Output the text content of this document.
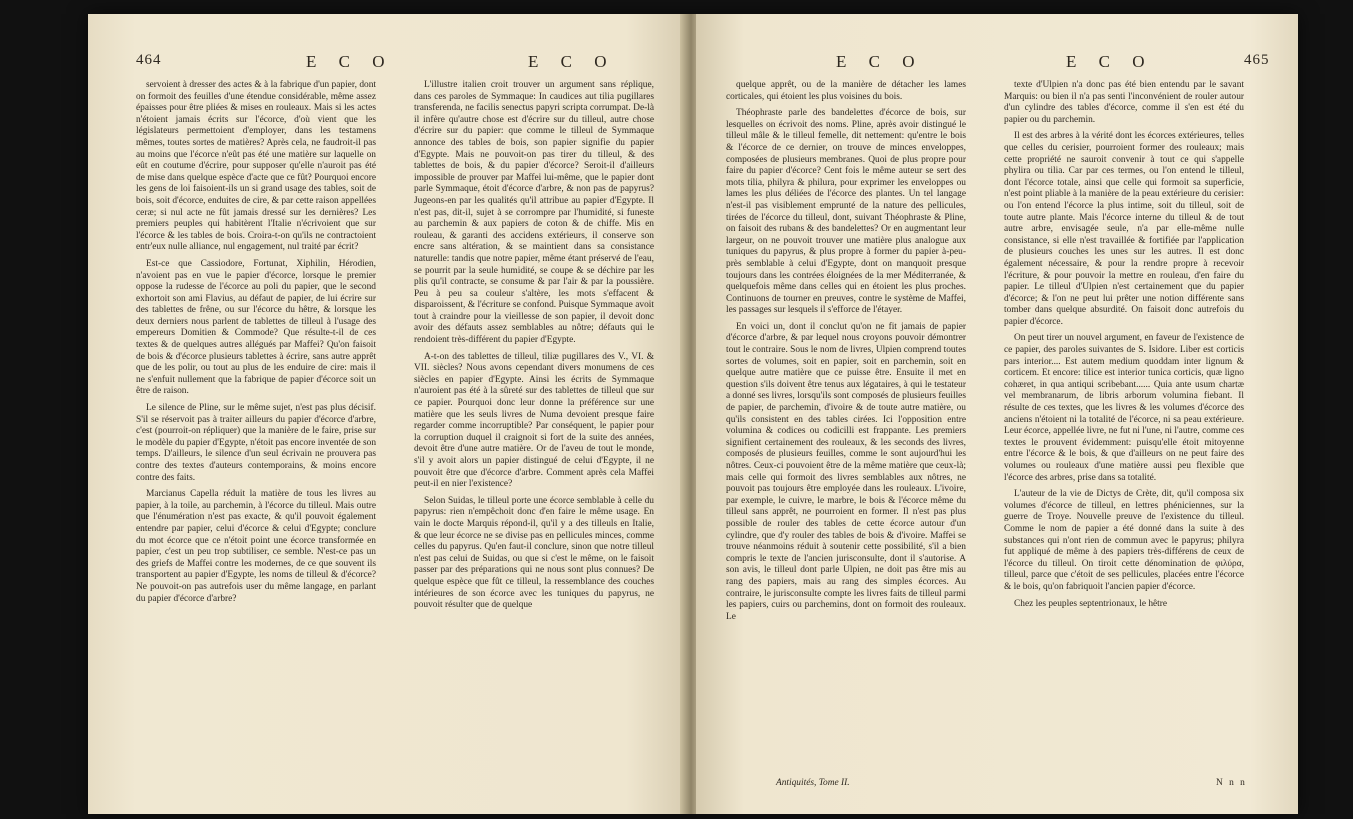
464	E C O	E C O

servoient à dresser des actes & à la fabrique d'un papier, dont on formoit des feuilles d'une étendue considérable, même assez épaisses pour être pliées & mises en rouleaux. Mais si les actes n'étoient jamais écrits sur l'écorce, d'où vient que les législateurs permettoient d'employer, dans les testamens mêmes, toutes sortes de matières? Après cela, ne faudroit-il pas au moins que l'écorce n'eût pas été une matière sur laquelle on eût en coutume d'écrire, pour supposer qu'elle n'auroit pas été de mise dans quelque espèce d'acte que ce fût? Pourquoi encore les gens de loi faisoient-ils un si grand usage des tables, soit de bois, soit d'écorce, enduites de cire, & par cette raison appellées ceræ; si nul acte ne fût jamais dressé sur les dernières? Les premiers peuples qui habitèrent l'Italie n'écrivoient que sur l'écorce & les tables de bois. Croira-t-on qu'ils ne contractoient entr'eux nulle alliance, nul engagement, nul traité par écrit?

Est-ce que Cassiodore, Fortunat, Xiphilin, Hérodien, n'avoient pas en vue le papier d'écorce, lorsque le premier oppose la rudesse de l'écorce au poli du papier, que le second exhortoit son ami Flavius, au défaut de papier, de lui écrire sur des tablettes de frêne, ou sur l'écorce du hêtre, & lorsque les deux derniers nous parlent de tablettes de tilleul à l'usage des empereurs Domitien & Commode? Que résulte-t-il de ces textes & de quelques autres allégués par Maffei? Qu'on faisoit de bois & d'écorce plusieurs tablettes à écrire, sans autre apprêt que de les polir, ou tout au plus de les enduire de cire: mais il ne s'enfuit nullement que la fabrique de papier d'écorce soit un être de raison.

Le silence de Pline, sur le même sujet, n'est pas plus décisif. S'il se réservoit pas à traiter ailleurs du papier d'écorce d'arbre, c'est (pourroit-on répliquer) que la manière de le faire, prise sur le modèle du papier d'Egypte, n'étoit pas encore inventée de son temps. D'ailleurs, le silence d'un seul écrivain ne prouvera pas contre des textes d'auteurs contemporains, & moins encore contre des faits.

Marcianus Capella réduit la matière de tous les livres au papier, à la toile, au parchemin, à l'écorce du tilleul. Mais outre que l'énumération n'est pas exacte, & qu'il pouvoit également entendre par papier, celui d'écorce & celui d'Egypte; conclure du mot écorce que ce n'étoit point une écorce transformée en papier, c'est un peu trop subtiliser, ce semble. N'est-ce pas un des griefs de Maffei contre les modernes, de ce que souvent ils transportent au papier d'Egypte, les noms de tilleul & d'écorce? Ne pouvoit-on pas autrefois user du même langage, en parlant du papier d'écorce d'arbre?

L'illustre italien croit trouver un argument sans réplique, dans ces paroles de Symmaque: In caudices aut tilia pugillares transferenda, ne facilis senectus papyri scripta corrumpat. De-là il infère qu'autre chose est d'écrire sur du tilleul, autre chose d'écrire sur du papier: que comme le tilleul de Symmaque annonce des tables de bois, son papier signifie du papier d'Egypte. Mais ne pouvoit-on pas tirer du tilleul, & des tablettes de bois, & du papier d'écorce? Seroit-il d'ailleurs impossible de prouver par Maffei lui-même, que le papier dont parle Symmaque, étoit d'écorce d'arbre, & non pas de papyrus? Jugeons-en par les qualités qu'il attribue au papier d'Egypte. Il n'est pas, dit-il, sujet à se corrompre par l'humidité, si funeste au parchemin & aux papiers de coton & de chiffe. Mis en rouleau, & garanti des accidens extérieurs, il conserve son encre sans altération, & se maintient dans sa consistance naturelle: tandis que notre papier, même étant préservé de l'eau, se pourrit par la seule humidité, se coupe & se déchire par les plis qu'il contracte, se consume & par l'air & par la poussière. Peu à peu sa couleur s'altère, les mots s'effacent & disparoissent, & l'écriture se confond. Puisque Symmaque avoit tout à craindre pour la vieillesse de son papier, il devoit donc avoir des défauts assez semblables au nôtre; défauts qui le rendoient très-différent du papier d'Egypte.

A-t-on des tablettes de tilleul, tiliæ pugillares des V., VI. & VII. siècles? Nous avons cependant divers monumens de ces siècles en papier d'Egypte. Ainsi les écrits de Symmaque n'auroient pas été à la sûreté sur des tablettes de tilleul que sur ce papier. Pourquoi donc leur donne la préférence sur une matière que les seuls livres de Numa devoient presque faire regarder comme incorruptible? Par conséquent, le papier pour la corruption duquel il craignoit si fort de la suite des années, devoit être d'une autre matière. Or de l'aveu de tout le monde, s'il y avoit alors un papier distingué de celui d'Egypte, il ne pouvoit être que d'écorce d'arbre. Comment après cela Maffei peut-il en nier l'existence?

Selon Suidas, le tilleul porte une écorce semblable à celle du papyrus: rien n'empêchoit donc d'en faire le même usage. En vain le docte Marquis répond-il, qu'il y a des tilleuls en Italie, & que leur écorce ne se divise pas en pellicules minces, comme celles du papyrus. Qu'en faut-il conclure, sinon que notre tilleul n'est pas celui de Suidas, ou que si c'est le même, on le faisoit passer par des préparations qui ne nous sont plus connues? De quelque espèce que fût ce tilleul, la ressemblance des couches intérieures de son écorce avec les tuniques du papyrus, ne pouvoit résulter que de quelque

E C O	E C O	465

quelque apprêt, ou de la manière de détacher les lames corticales, qui étoient les plus voisines du bois.

Théophraste parle des bandelettes d'écorce de bois, sur lesquelles on écrivoit des noms. Pline, après avoir distingué le tilleul mâle & le tilleul femelle, dit nettement: qu'entre le bois & l'écorce de ce dernier, on trouve de minces enveloppes, composées de plusieurs membranes. Quoi de plus propre pour faire du papier d'écorce? Cent fois le même auteur se sert des mots tilia, philyra & philura, pour exprimer les enveloppes ou lames les plus déliées de l'écorce des plantes. Un tel langage n'est-il pas visiblement emprunté de la nature des pellicules, tirées de l'écorce du tilleul, dont, suivant Théophraste & Pline, on faisoit des rubans & des bandelettes? Or en augmentant leur largeur, on ne pouvoit trouver une matière plus analogue aux tuniques du papyrus, & plus propre à former du papier à-peu-près semblable à celui d'Egypte, dont on manquoit presque toujours dans les contrées éloignées de la mer Méditerranée, & quelquefois même dans celles qui en étoient les plus proches. Continuons de tourner en preuves, contre le système de Maffei, les passages sur lesquels il s'efforce de l'étayer.

En voici un, dont il conclut qu'on ne fit jamais de papier d'écorce d'arbre, & par lequel nous croyons pouvoir démontrer tout le contraire. Sous le nom de livres, Ulpien comprend toutes sortes de volumes, soit en papier, soit en parchemin, soit en quelque autre matière que ce puisse être. Ensuite il met en question s'ils doivent être tenus aux légataires, à qui le testateur a donné ses livres, lorsqu'ils sont composés de plusieurs feuilles de papier, de parchemin, d'ivoire & de toute autre matière, ou qu'ils consistent en des tables cirées. Ici l'opposition entre volumina & codices ou codicilli est frappante. Les premiers signifient certainement des rouleaux, & les seconds des livres, composés de plusieurs feuilles, comme le sont aujourd'hui les nôtres. Ceux-ci pouvoient être de la même matière que ceux-là; mais celle qui formoit des livres semblables aux nôtres, ne pouvoit pas toujours être employée dans les rouleaux. L'ivoire, par exemple, le cuivre, le marbre, le bois & l'écorce même du tilleul sans apprêt, ne pourroient en former. Il n'est pas plus possible de rouler des tables de cette écorce autour d'un cylindre, que d'y rouler des tables de bois & d'ivoire. Maffei se trouve néanmoins réduit à soutenir cette possibilité, s'il a bien compris le texte de l'ancien jurisconsulte, dont il s'autorise. A son avis, le tilleul dont parle Ulpien, ne doit pas être mis au rang des papiers, mais au rang des simples écorces. Au contraire, le jurisconsulte compte les livres faits de tilleul parmi les papiers, cuirs ou parchemins, dont on formoit des rouleaux. Le

texte d'Ulpien n'a donc pas été bien entendu par le savant Marquis: ou bien il n'a pas senti l'inconvénient de rouler autour d'un cylindre des tables d'écorce, comme il s'en est été du papier ou du parchemin.

Il est des arbres à la vérité dont les écorces extérieures, telles que celles du cerisier, pourroient former des rouleaux; mais cette propriété ne sauroit convenir à tout ce qui s'appelle phylira ou tilia. Car par ces termes, ou l'on entend le tilleul, dont l'écorce totale, ainsi que celle qui formoit sa superficie, n'est point pliable à la manière de la peau extérieure du cerisier: ou l'on entend l'écorce la plus intime, soit du tilleul, soit de toute autre plante. Mais l'écorce interne du tilleul & de tout autre arbre, envisagée seule, n'a par elle-même nulle consistance, si elle n'est travaillée & fortifiée par l'application de plusieurs couches les unes sur les autres. Il est donc également nécessaire, & pour la rendre propre à recevoir l'écriture, & pour pouvoir la mettre en rouleau, d'en faire du papier. Le tilleul d'Ulpien n'est certainement que du papier d'écorce; & l'on ne peut lui prêter une notion différente sans tomber dans quelque absurdité. On faisoit donc autrefois du papier d'écorce.

On peut tirer un nouvel argument, en faveur de l'existence de ce papier, des paroles suivantes de S. Isidore. Liber est corticis pars interior.... Est autem medium quoddam inter lignum & corticem. Et encore: tilice est interior tunica corticis, quæ ligno cohæret, in qua antiqui scribebant...... Quia ante usum chartæ vel membranarum, de libris arborum volumina fiebant. Il résulte de ces textes, que les livres & les volumes d'écorce des anciens n'étoient ni la totalité de l'écorce, ni sa peau extérieure. Leur écorce, appellée livre, ne fut ni l'une, ni l'autre, comme ces textes le prouvent évidemment: puisqu'elle étoit mitoyenne entre l'écorce & le bois, & que d'ailleurs on ne peut faire des volumes ou rouleaux d'une matière aussi peu flexible que l'écorce des arbres, prise dans sa totalité.

L'auteur de la vie de Dictys de Crète, dit, qu'il composa six volumes d'écorce de tilleul, en lettres phéniciennes, sur la guerre de Troye. Nouvelle preuve de l'existence du tilleul. Comme le nom de papier a été donné dans la suite à des substances qui n'ont rien de commun avec le papyrus; philyra fut appliqué de même à des papiers très-différens de ceux de l'écorce du tilleul. On tiroit cette dénomination de φιλύρα, tilleul, parce que c'étoit de ses pellicules, placées entre l'écorce & le bois, qu'on fabriquoit l'ancien papier d'écorce.

Chez les peuples septentrionaux, le hêtre

Antiquités, Tome II.	N n n
